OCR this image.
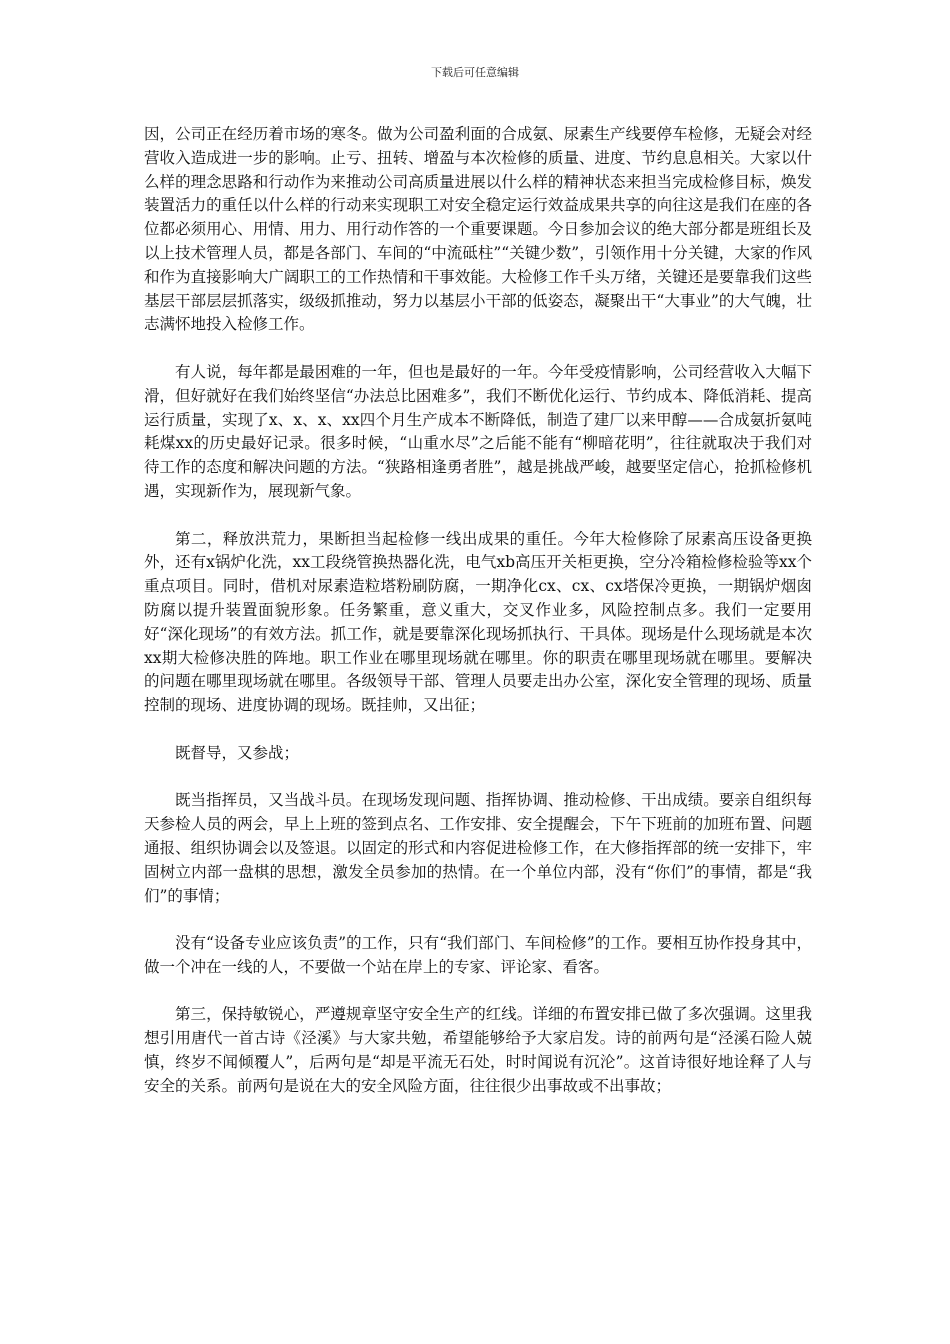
下载后可任意编辑

因，公司正在经历着市场的寒冬。做为公司盈利面的合成氨、尿素生产线要停车检修，无疑会对经营收入造成进一步的影响。止亏、扭转、增盈与本次检修的质量、进度、节约息息相关。大家以什么样的理念思路和行动作为来推动公司高质量进展以什么样的精神状态来担当完成检修目标，焕发装置活力的重任以什么样的行动来实现职工对安全稳定运行效益成果共享的向往这是我们在座的各位都必须用心、用情、用力、用行动作答的一个重要课题。今日参加会议的绝大部分都是班组长及以上技术管理人员，都是各部门、车间的“中流砥柱”“关键少数”，引领作用十分关键，大家的作风和作为直接影响大广阔职工的工作热情和干事效能。大检修工作千头万绪，关键还是要靠我们这些基层干部层层抓落实，级级抓推动，努力以基层小干部的低姿态，凝聚出干“大事业”的大气魄，壮志满怀地投入检修工作。

有人说，每年都是最困难的一年，但也是最好的一年。今年受疫情影响，公司经营收入大幅下滑，但好就好在我们始终坚信“办法总比困难多”，我们不断优化运行、节约成本、降低消耗、提高运行质量，实现了x、x、x、xx四个月生产成本不断降低，制造了建厂以来甲醇——合成氨折氨吨耗煤xx的历史最好记录。很多时候，“山重水尽”之后能不能有“柳暗花明”，往往就取决于我们对待工作的态度和解决问题的方法。“狭路相逢勇者胜”，越是挑战严峻，越要坚定信心，抢抓检修机遇，实现新作为，展现新气象。

第二，释放洪荒力，果断担当起检修一线出成果的重任。今年大检修除了尿素高压设备更换外，还有x锅炉化洗，xx工段绕管换热器化洗，电气xb高压开关柜更换，空分冷箱检修检验等xx个重点项目。同时，借机对尿素造粒塔粉刷防腐，一期净化cx、cx、cx塔保冷更换，一期锅炉烟囱防腐以提升装置面貌形象。任务繁重，意义重大，交叉作业多，风险控制点多。我们一定要用好“深化现场”的有效方法。抓工作，就是要靠深化现场抓执行、干具体。现场是什么现场就是本次xx期大检修决胜的阵地。职工作业在哪里现场就在哪里。你的职责在哪里现场就在哪里。要解决的问题在哪里现场就在哪里。各级领导干部、管理人员要走出办公室，深化安全管理的现场、质量控制的现场、进度协调的现场。既挂帅，又出征；

既督导，又参战；

既当指挥员，又当战斗员。在现场发现问题、指挥协调、推动检修、干出成绩。要亲自组织每天参检人员的两会，早上上班的签到点名、工作安排、安全提醒会，下午下班前的加班布置、问题通报、组织协调会以及签退。以固定的形式和内容促进检修工作，在大修指挥部的统一安排下，牢固树立内部一盘棋的思想，激发全员参加的热情。在一个单位内部，没有“你们”的事情，都是“我们”的事情；

没有“设备专业应该负责”的工作，只有“我们部门、车间检修”的工作。要相互协作投身其中，做一个冲在一线的人，不要做一个站在岸上的专家、评论家、看客。

第三，保持敏锐心，严遵规章坚守安全生产的红线。详细的布置安排已做了多次强调。这里我想引用唐代一首古诗《泾溪》与大家共勉，希望能够给予大家启发。诗的前两句是“泾溪石险人兢慎，终岁不闻倾覆人”，后两句是“却是平流无石处，时时闻说有沉沦”。这首诗很好地诠释了人与安全的关系。前两句是说在大的安全风险方面，往往很少出事故或不出事故；
